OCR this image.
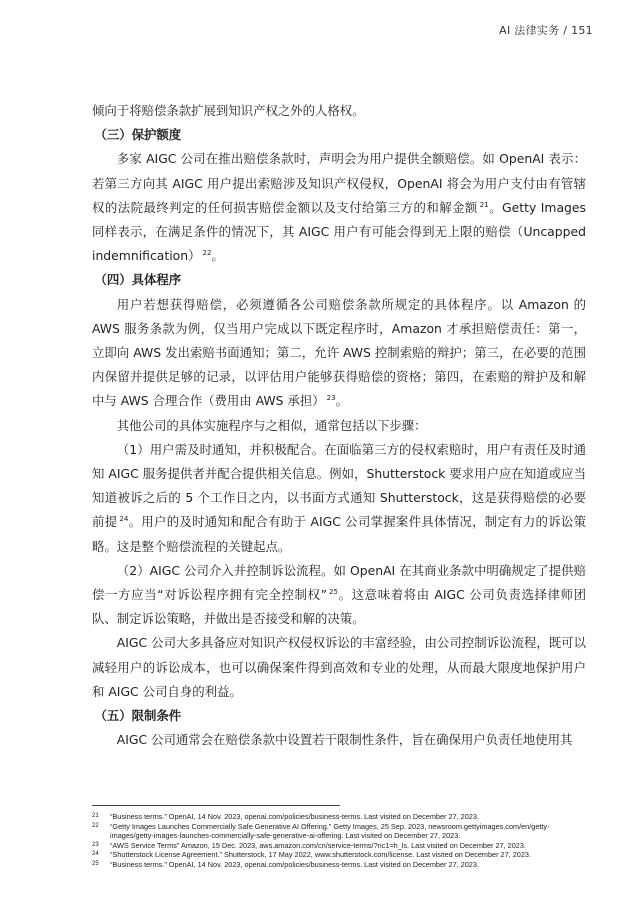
AI 法律实务 / 151

倾向于将赔偿条款扩展到知识产权之外的人格权。

（三）保护额度

多家 AIGC 公司在推出赔偿条款时，声明会为用户提供全额赔偿。如 OpenAI 表示：若第三方向其 AIGC 用户提出索赔涉及知识产权侵权，OpenAI 将会为用户支付由有管辖权的法院最终判定的任何损害赔偿金额以及支付给第三方的和解金额 $^{21}$。Getty Images 同样表示，在满足条件的情况下，其 AIGC 用户有可能会得到无上限的赔偿（Uncapped indemnification） $^{22}$。

（四）具体程序

用户若想获得赔偿，必须遵循各公司赔偿条款所规定的具体程序。以 Amazon 的 AWS 服务条款为例，仅当用户完成以下既定程序时，Amazon 才承担赔偿责任：第一，立即向 AWS 发出索赔书面通知；第二，允许 AWS 控制索赔的辩护；第三，在必要的范围内保留并提供足够的记录，以评估用户能够获得赔偿的资格；第四，在索赔的辩护及和解中与 AWS 合理合作（费用由 AWS 承担） $^{23}$。

其他公司的具体实施程序与之相似，通常包括以下步骤：

（1）用户需及时通知，并积极配合。在面临第三方的侵权索赔时，用户有责任及时通知 AIGC 服务提供者并配合提供相关信息。例如，Shutterstock 要求用户应在知道或应当知道被诉之后的 5 个工作日之内，以书面方式通知 Shutterstock，这是获得赔偿的必要前提 $^{24}$。用户的及时通知和配合有助于 AIGC 公司掌握案件具体情况，制定有力的诉讼策略。这是整个赔偿流程的关键起点。

（2）AIGC 公司介入并控制诉讼流程。如 OpenAI 在其商业条款中明确规定了提供赔偿一方应当“对诉讼程序拥有完全控制权” $^{25}$。这意味着将由 AIGC 公司负责选择律师团队、制定诉讼策略，并做出是否接受和解的决策。

AIGC 公司大多具备应对知识产权侵权诉讼的丰富经验，由公司控制诉讼流程，既可以减轻用户的诉讼成本，也可以确保案件得到高效和专业的处理，从而最大限度地保护用户和 AIGC 公司自身的利益。

（五）限制条件

AIGC 公司通常会在赔偿条款中设置若干限制性条件，旨在确保用户负责任地使用其

21	“Business terms.” OpenAI, 14 Nov. 2023, openai.com/policies/business-terms. Last visited on December 27, 2023.
22	“Getty Images Launches Commercially Safe Generative AI Offering.” Getty Images, 25 Sep. 2023, newsroom.gettyimages.com/en/getty-images/getty-images-launches-commercially-safe-generative-ai-offering. Last visited on December 27, 2023.
23	“AWS Service Terms” Amazon, 15 Dec. 2023, aws.amazon.com/cn/service-terms/?nc1=h_ls. Last visited on December 27, 2023.
24	“Shutterstock License Agreement.” Shutterstock, 17 May 2022, www.shutterstock.com/license. Last visited on December 27, 2023.
25	“Business terms.” OpenAI, 14 Nov. 2023, openai.com/policies/business-terms. Last visited on December 27, 2023.
